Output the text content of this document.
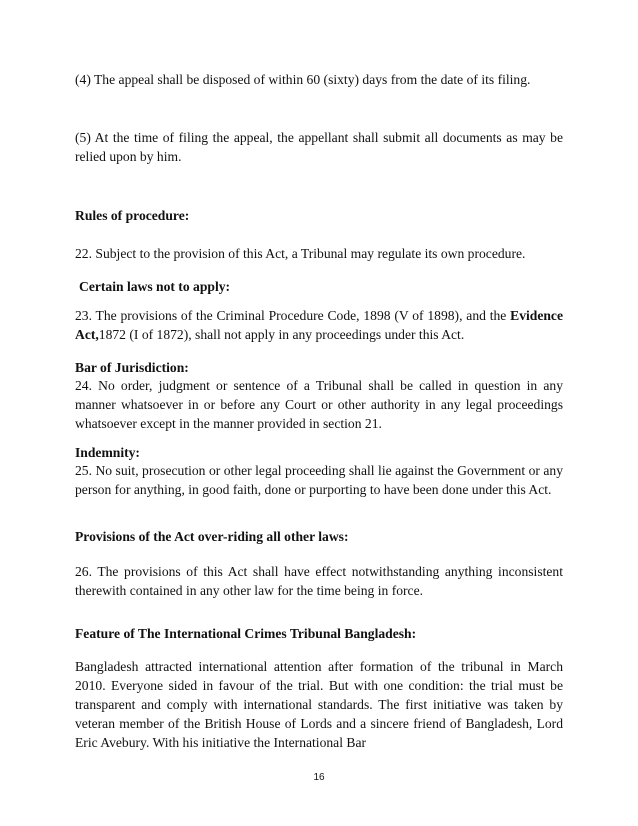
(4) The appeal shall be disposed of within 60 (sixty) days from the date of its filing.

(5) At the time of filing the appeal, the appellant shall submit all documents as may be relied upon by him.

Rules of procedure:

22. Subject to the provision of this Act, a Tribunal may regulate its own procedure.

Certain laws not to apply:

23. The provisions of the Criminal Procedure Code, 1898 (V of 1898), and the Evidence Act,1872 (I of 1872), shall not apply in any proceedings under this Act.

Bar of Jurisdiction:

24. No order, judgment or sentence of a Tribunal shall be called in question in any manner whatsoever in or before any Court or other authority in any legal proceedings whatsoever except in the manner provided in section 21.

Indemnity:

25. No suit, prosecution or other legal proceeding shall lie against the Government or any person for anything, in good faith, done or purporting to have been done under this Act.

Provisions of the Act over-riding all other laws:

26. The provisions of this Act shall have effect notwithstanding anything inconsistent therewith contained in any other law for the time being in force.

Feature of The International Crimes Tribunal Bangladesh:

Bangladesh attracted international attention after formation of the tribunal in March 2010. Everyone sided in favour of the trial. But with one condition: the trial must be transparent and comply with international standards. The first initiative was taken by veteran member of the British House of Lords and a sincere friend of Bangladesh, Lord Eric Avebury. With his initiative the International Bar

16
